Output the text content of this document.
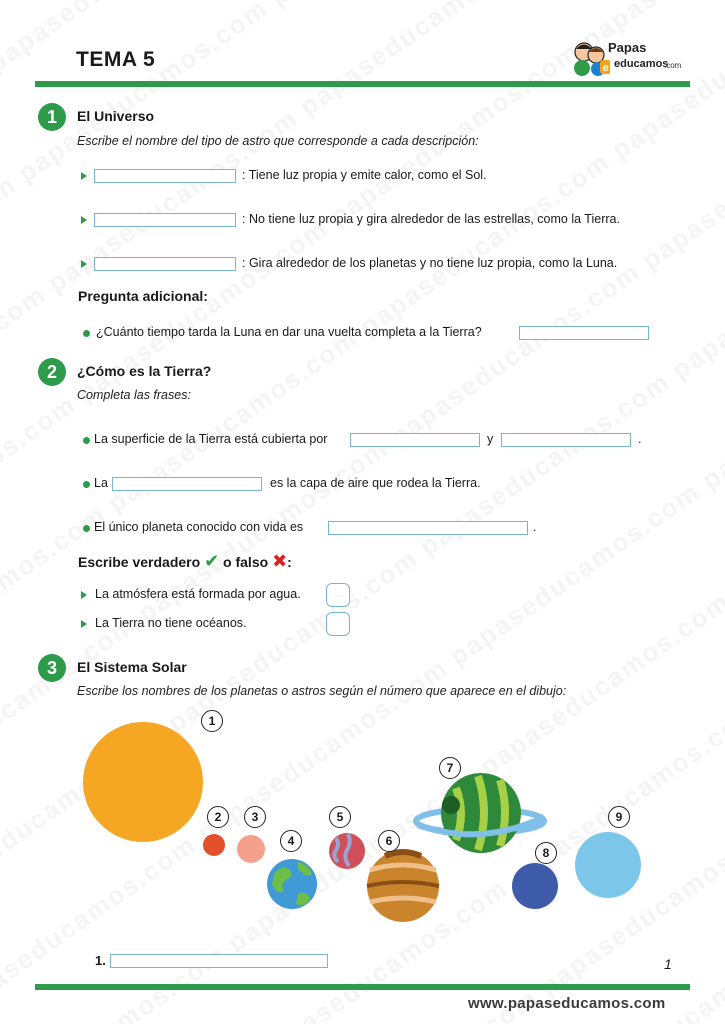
TEMA 5	e
Papas
educamos
.com
1	El Universo
Escribe el nombre del tipo de astro que corresponde a cada descripción:
: Tiene luz propia y emite calor, como el Sol.
: No tiene luz propia y gira alrededor de las estrellas, como la Tierra.
: Gira alrededor de los planetas y no tiene luz propia, como la Luna.
Pregunta adicional:
¿Cuánto tiempo tarda la Luna en dar una vuelta completa a la Tierra?
2	¿Cómo es la Tierra?
Completa las frases:
La superficie de la Tierra está cubierta por	y	.
La	es la capa de aire que rodea la Tierra.
El único planeta conocido con vida es	.
Escribe verdadero ✔ o falso ✖:
La atmósfera está formada por agua.
La Tierra no tiene océanos.
3	El Sistema Solar
Escribe los nombres de los planetas o astros según el número que aparece en el dibujo:
1
2	3
4
5
6
7
8
9
1.	1
www.papaseducamos.com
